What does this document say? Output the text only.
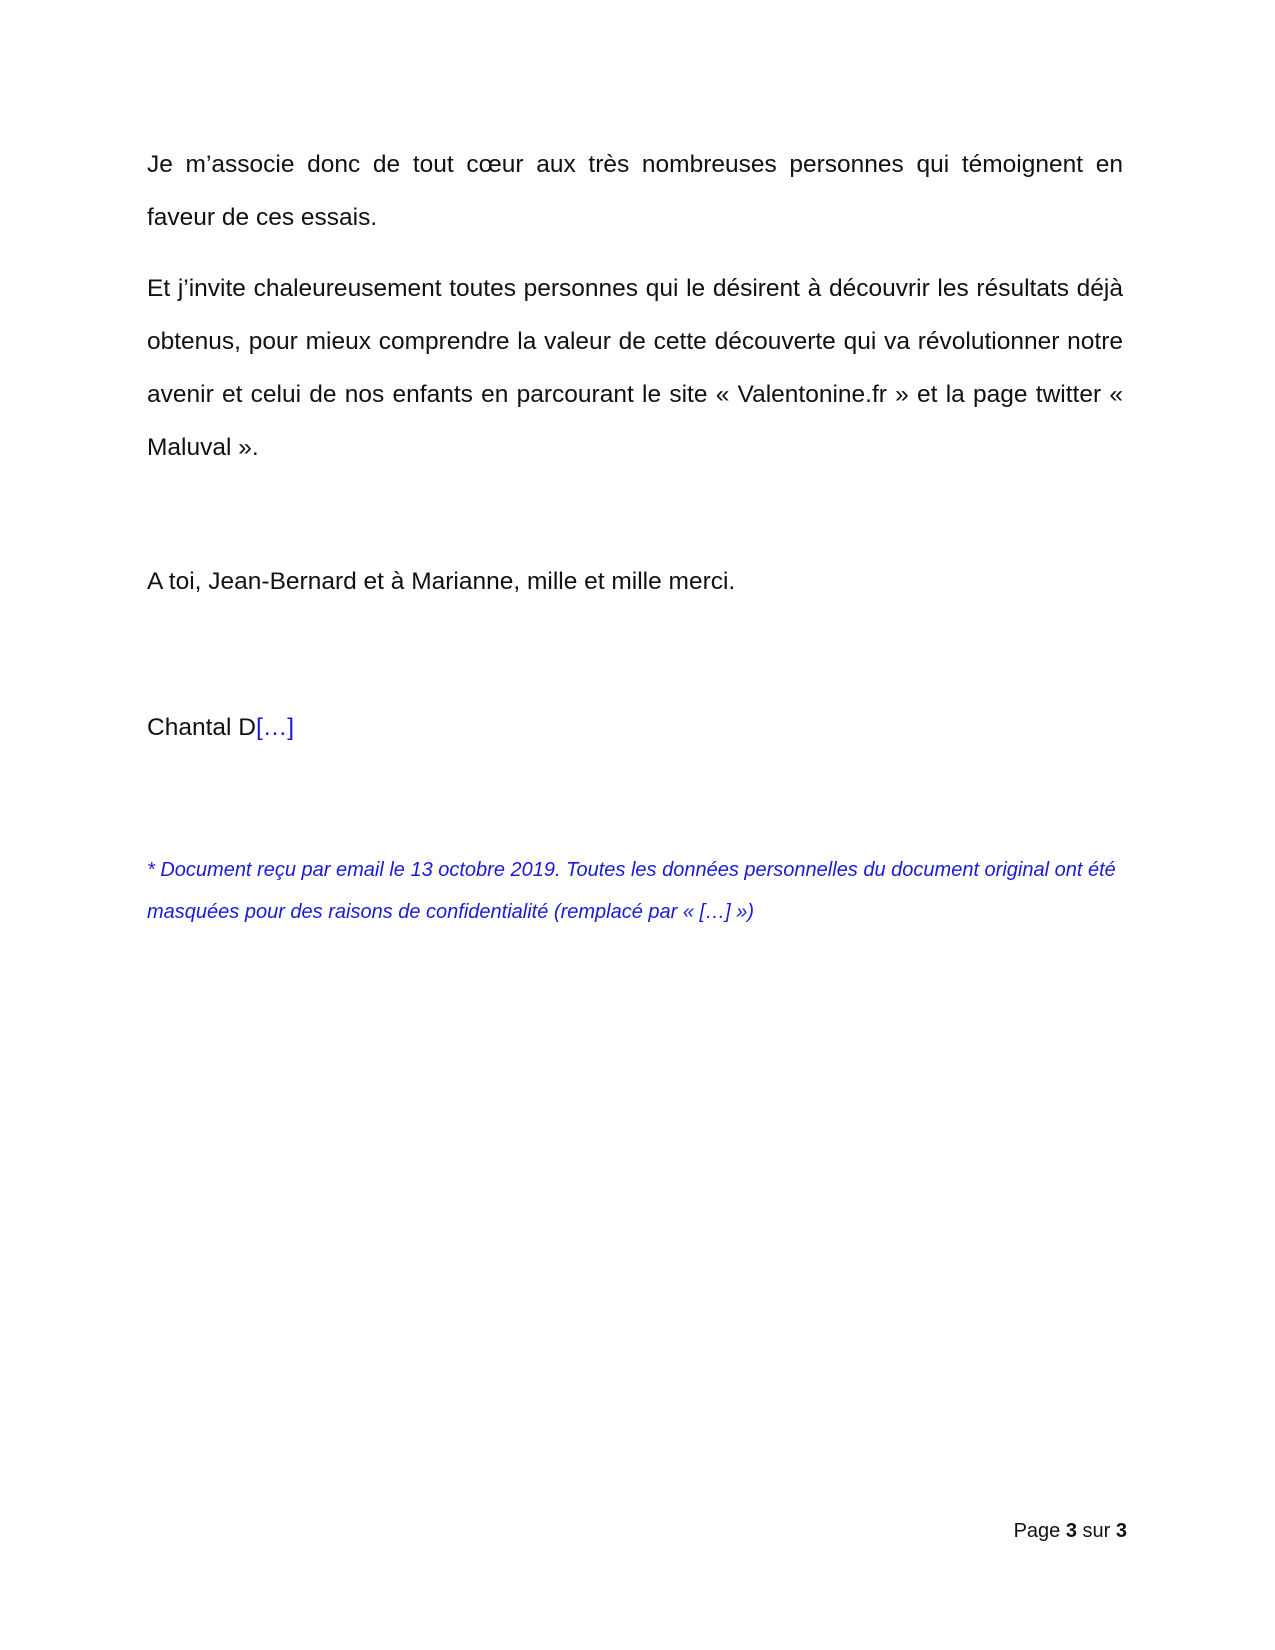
Je m’associe donc de tout cœur aux très nombreuses personnes qui témoignent en faveur de ces essais.

Et j’invite chaleureusement toutes personnes qui le désirent à découvrir les résultats déjà obtenus, pour mieux comprendre la valeur de cette découverte qui va révolutionner notre avenir et celui de nos enfants en parcourant le site « Valentonine.fr » et la page twitter « Maluval ».

A toi, Jean-Bernard et à Marianne, mille et mille merci.

Chantal D[…]

* Document reçu par email le 13 octobre 2019. Toutes les données personnelles du document original ont été masquées pour des raisons de confidentialité (remplacé par « […] »)

Page 3 sur 3
